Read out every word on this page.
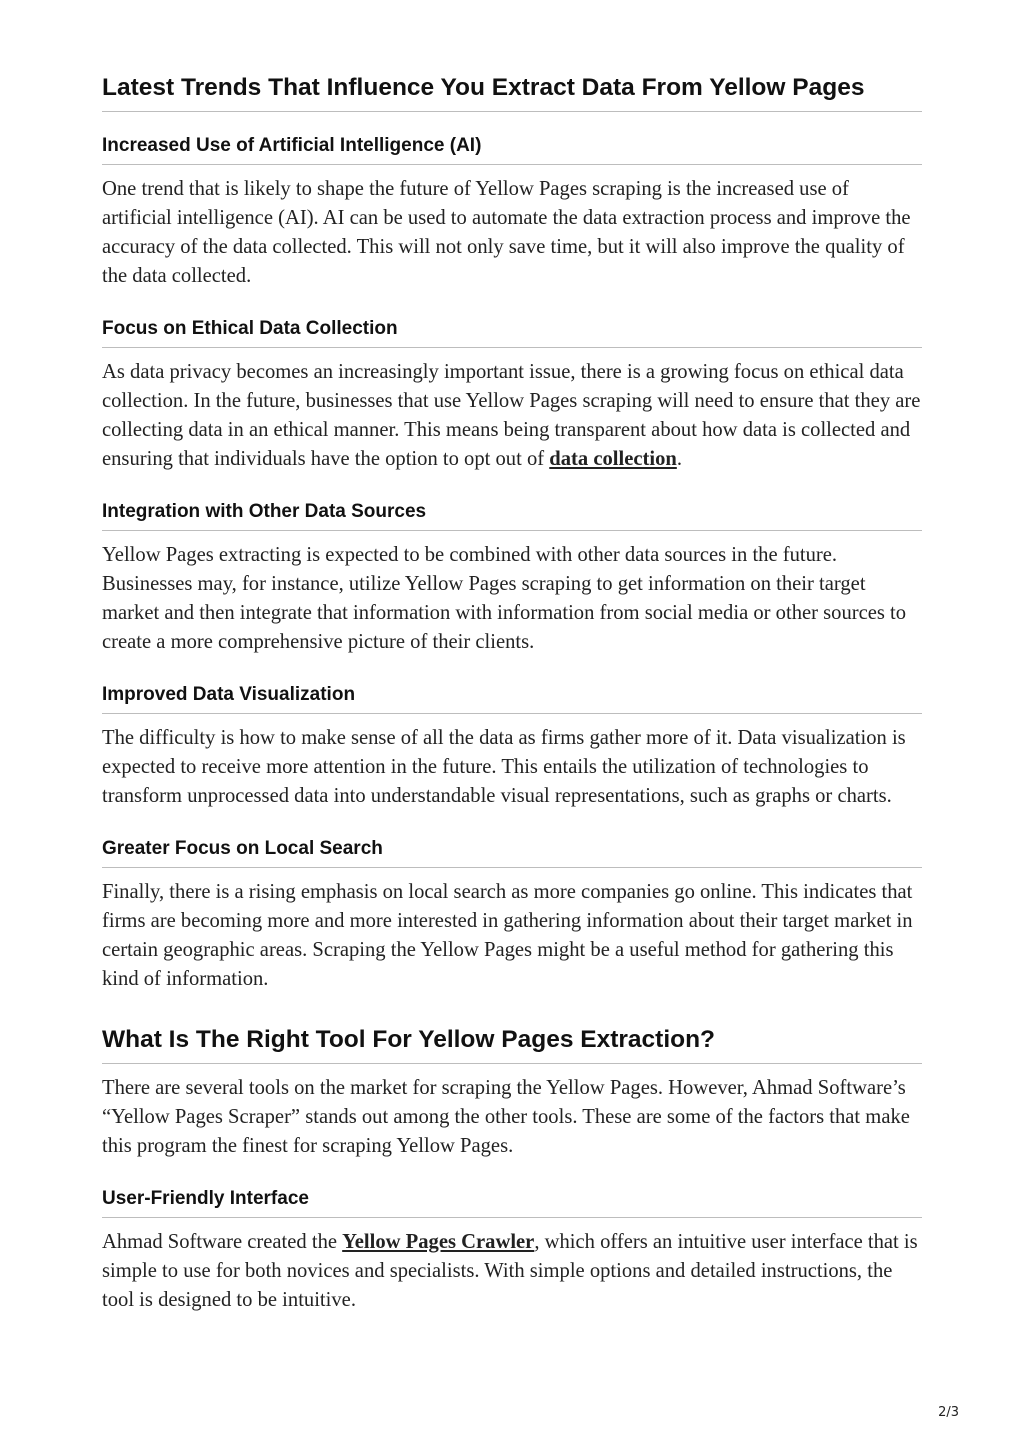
Latest Trends That Influence You Extract Data From Yellow Pages
Increased Use of Artificial Intelligence (AI)

One trend that is likely to shape the future of Yellow Pages scraping is the increased use of artificial intelligence (AI). AI can be used to automate the data extraction process and improve the accuracy of the data collected. This will not only save time, but it will also improve the quality of the data collected.

Focus on Ethical Data Collection

As data privacy becomes an increasingly important issue, there is a growing focus on ethical data collection. In the future, businesses that use Yellow Pages scraping will need to ensure that they are collecting data in an ethical manner. This means being transparent about how data is collected and ensuring that individuals have the option to opt out of data collection.

Integration with Other Data Sources

Yellow Pages extracting is expected to be combined with other data sources in the future. Businesses may, for instance, utilize Yellow Pages scraping to get information on their target market and then integrate that information with information from social media or other sources to create a more comprehensive picture of their clients.

Improved Data Visualization

The difficulty is how to make sense of all the data as firms gather more of it. Data visualization is expected to receive more attention in the future. This entails the utilization of technologies to transform unprocessed data into understandable visual representations, such as graphs or charts.

Greater Focus on Local Search

Finally, there is a rising emphasis on local search as more companies go online. This indicates that firms are becoming more and more interested in gathering information about their target market in certain geographic areas. Scraping the Yellow Pages might be a useful method for gathering this kind of information.

What Is The Right Tool For Yellow Pages Extraction?

There are several tools on the market for scraping the Yellow Pages. However, Ahmad Software’s “Yellow Pages Scraper” stands out among the other tools. These are some of the factors that make this program the finest for scraping Yellow Pages.

User-Friendly Interface

Ahmad Software created the Yellow Pages Crawler, which offers an intuitive user interface that is simple to use for both novices and specialists. With simple options and detailed instructions, the tool is designed to be intuitive.

2/3
